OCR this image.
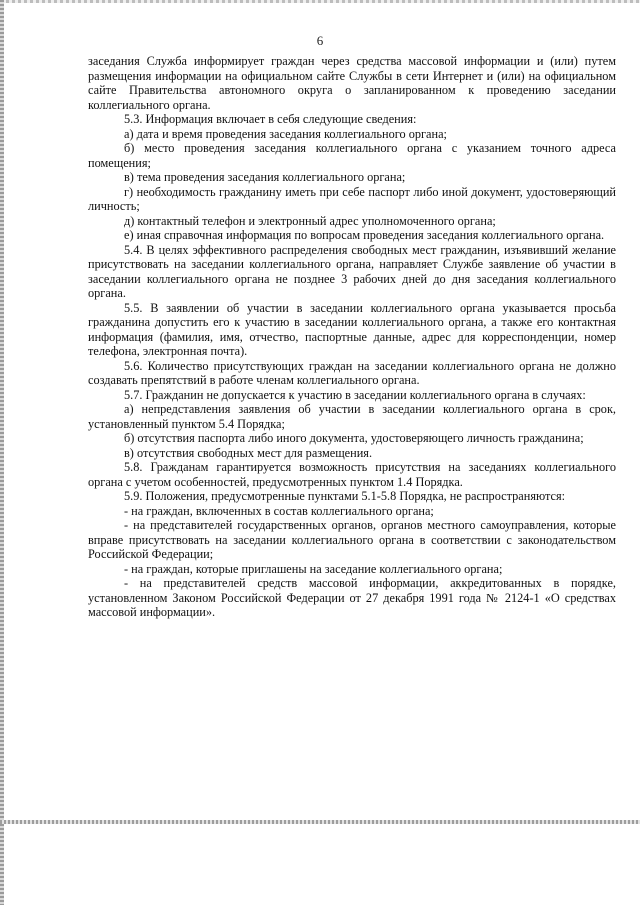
6

заседания Служба информирует граждан через средства массовой информации и (или) путем размещения информации на официальном сайте Службы в сети Интернет и (или) на официальном сайте Правительства автономного округа о запланированном к проведению заседании коллегиального органа.

5.3. Информация включает в себя следующие сведения:

а) дата и время проведения заседания коллегиального органа;

б) место проведения заседания коллегиального органа с указанием точного адреса помещения;

в) тема проведения заседания коллегиального органа;

г) необходимость гражданину иметь при себе паспорт либо иной документ, удостоверяющий личность;

д) контактный телефон и электронный адрес уполномоченного органа;

е) иная справочная информация по вопросам проведения заседания коллегиального органа.

5.4. В целях эффективного распределения свободных мест гражданин, изъявивший желание присутствовать на заседании коллегиального органа, направляет Службе заявление об участии в заседании коллегиального органа не позднее 3 рабочих дней до дня заседания коллегиального органа.

5.5. В заявлении об участии в заседании коллегиального органа указывается просьба гражданина допустить его к участию в заседании коллегиального органа, а также его контактная информация (фамилия, имя, отчество, паспортные данные, адрес для корреспонденции, номер телефона, электронная почта).

5.6. Количество присутствующих граждан на заседании коллегиального органа не должно создавать препятствий в работе членам коллегиального органа.

5.7. Гражданин не допускается к участию в заседании коллегиального органа в случаях:

а) непредставления заявления об участии в заседании коллегиального органа в срок, установленный пунктом 5.4 Порядка;

б) отсутствия паспорта либо иного документа, удостоверяющего личность гражданина;

в) отсутствия свободных мест для размещения.

5.8. Гражданам гарантируется возможность присутствия на заседаниях коллегиального органа с учетом особенностей, предусмотренных пунктом 1.4 Порядка.

5.9. Положения, предусмотренные пунктами 5.1-5.8 Порядка, не распространяются:

- на граждан, включенных в состав коллегиального органа;

- на представителей государственных органов, органов местного самоуправления, которые вправе присутствовать на заседании коллегиального органа в соответствии с законодательством Российской Федерации;

- на граждан, которые приглашены на заседание коллегиального органа;

- на представителей средств массовой информации, аккредитованных в порядке, установленном Законом Российской Федерации от 27 декабря 1991 года № 2124-1 «О средствах массовой информации».
